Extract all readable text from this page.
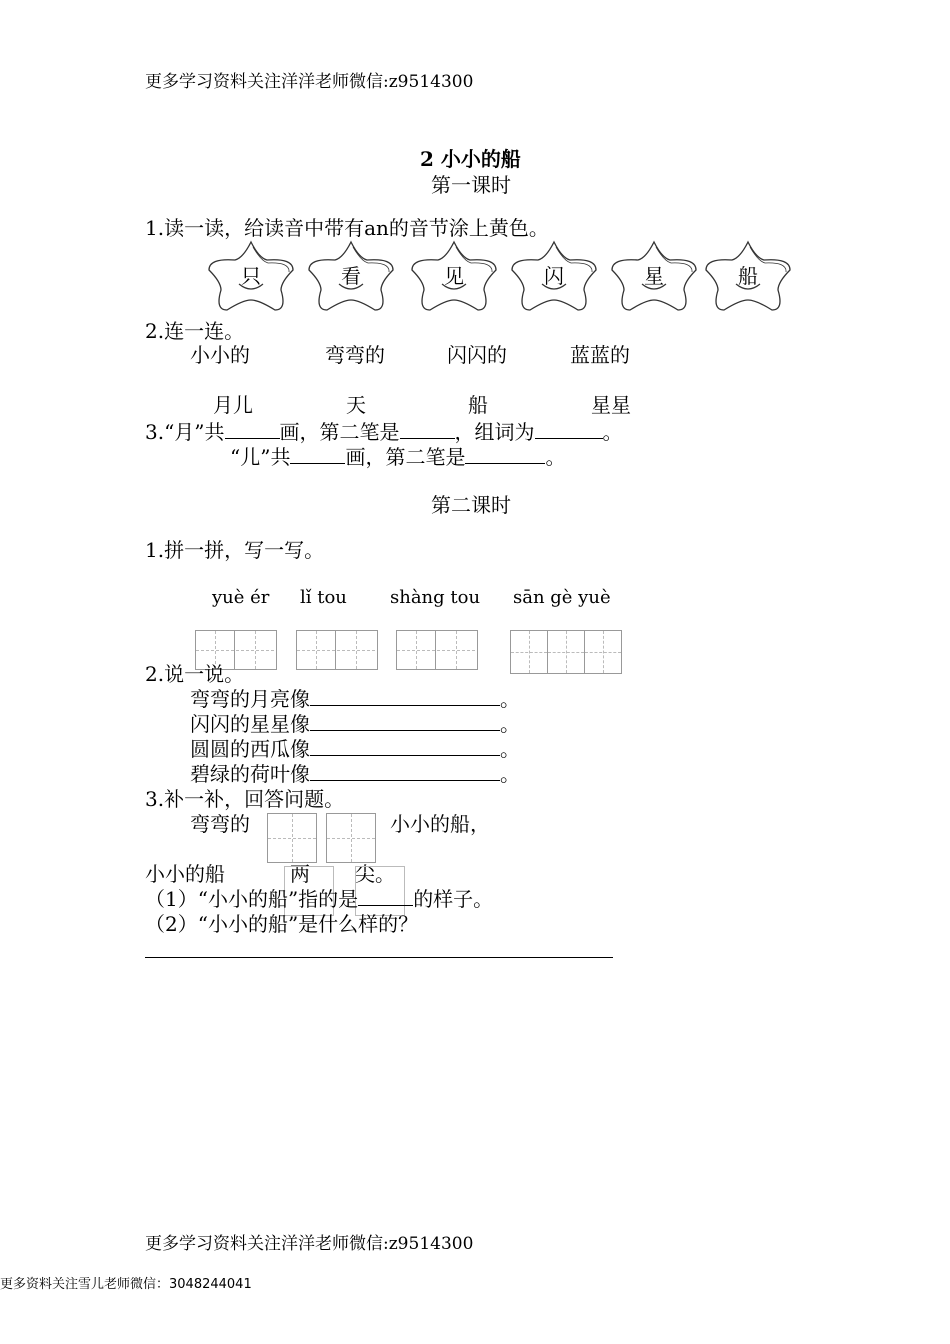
更多学习资料关注洋洋老师微信:z9514300
2 小小的船
第一课时
1.读一读，给读音中带有an的音节涂上黄色。
只	看	见	闪	星	船
2.连一连。
小小的	弯弯的	闪闪的	蓝蓝的
月儿	天	船	星星
3.“月”共	画，第二笔是	，组词为	。
“儿”共	画，第二笔是	。
第二课时
1.拼一拼，写一写。
yuè ér lǐ tou shàng tou sān gè yuè
2.说一说。
弯弯的月亮像	。
闪闪的星星像	。
圆圆的西瓜像	。
碧绿的荷叶像	。
3.补一补，回答问题。
弯弯的	小小的船，
小小的船	两 尖。
（1）“小小的船”指的是	的样子。
（2）“小小的船”是什么样的？
更多学习资料关注洋洋老师微信:z9514300
更多资料关注雪儿老师微信：3048244041
